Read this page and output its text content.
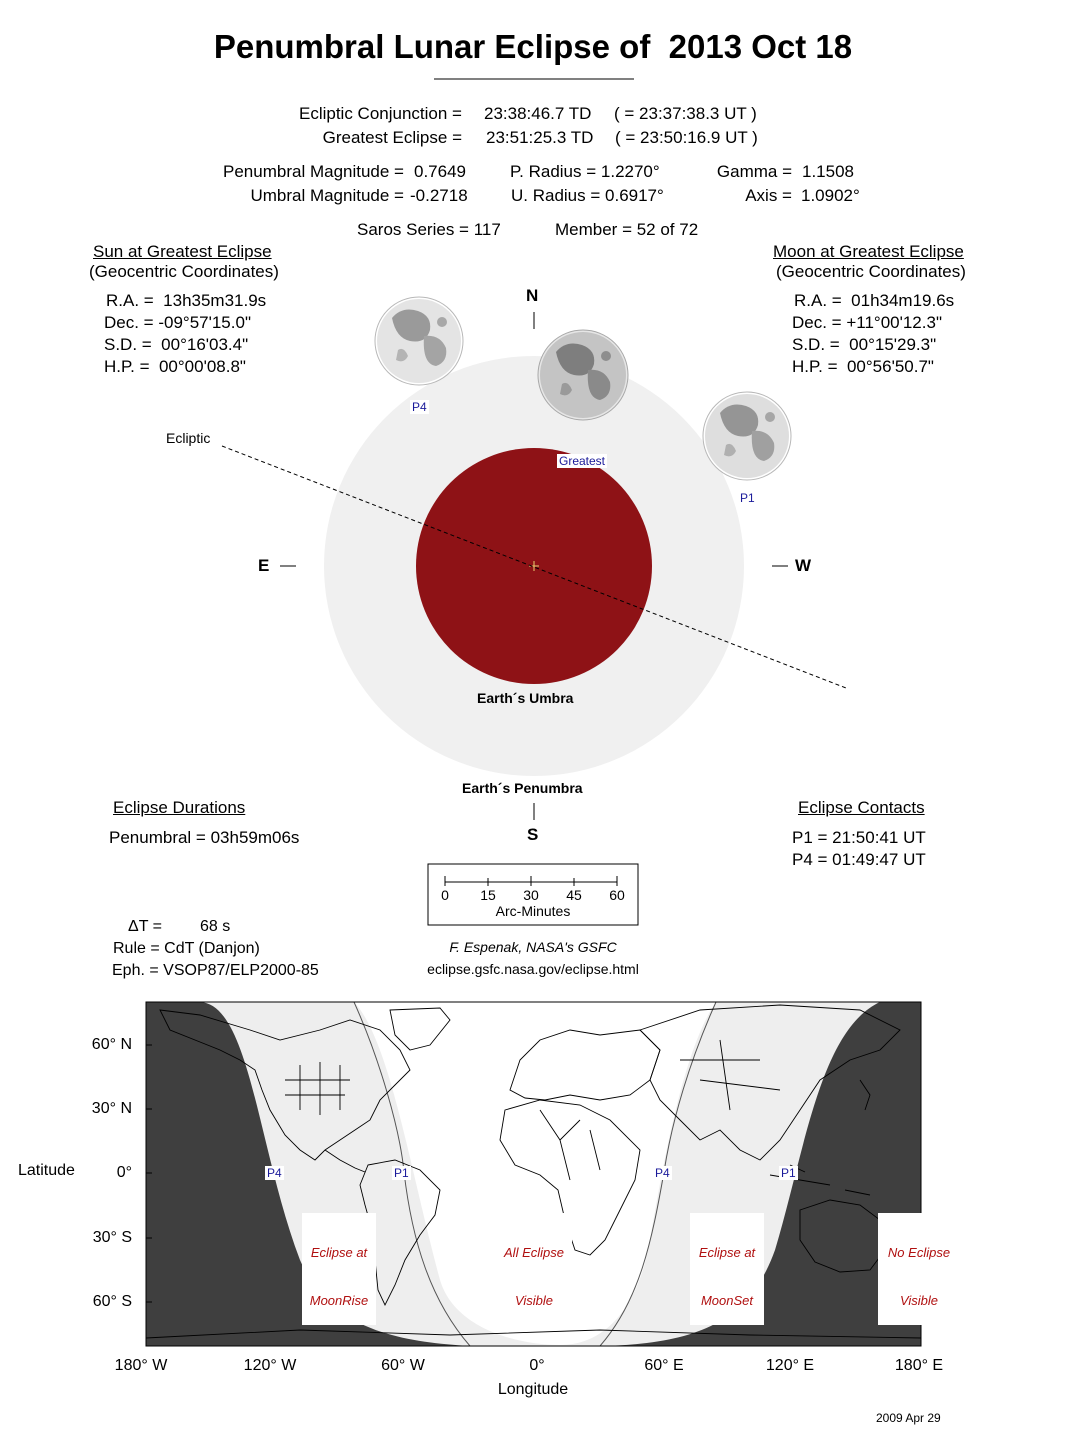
Penumbral Lunar Eclipse of  2013 Oct 18
Ecliptic Conjunction = 23:38:46.7 TD ( = 23:37:38.3 UT )
Greatest Eclipse = 23:51:25.3 TD ( = 23:50:16.9 UT )
Penumbral Magnitude = 0.7649
Umbral Magnitude = -0.2718
P. Radius = 1.2270°
U. Radius = 0.6917°
Gamma = 1.1508
Axis = 1.0902°
Saros Series = 117	Member = 52 of 72
Sun at Greatest Eclipse
(Geocentric Coordinates)
R.A. =  13h35m31.9s
Dec. = -09°57'15.0"
S.D. =  00°16'03.4"
H.P. =  00°00'08.8"
Moon at Greatest Eclipse
(Geocentric Coordinates)
R.A. =  01h34m19.6s
Dec. = +11°00'12.3"
S.D. =  00°15'29.3"
H.P. =  00°56'50.7"
N
S
E	W
Ecliptic
Earth´s Umbra
Earth´s Penumbra
P4
P1
Greatest
Eclipse Durations
Penumbral = 03h59m06s
Eclipse Contacts
P1 = 21:50:41 UT
P4 = 01:49:47 UT
0	15	30	45	60
Arc-Minutes
ΔT = 68 s
Rule = CdT (Danjon)
Eph. = VSOP87/ELP2000-85
F. Espenak, NASA's GSFC
eclipse.gsfc.nasa.gov/eclipse.html
Latitude
Longitude
60° N
30° N
0°
30° S
60° S
180° W	120° W	60° W	0°	60° E	120° E	180° E

Eclipse at

MoonRise

All Eclipse

Visible

Eclipse at

MoonSet

No Eclipse

Visible

P4	P1	P4	P1
2009 Apr 29
